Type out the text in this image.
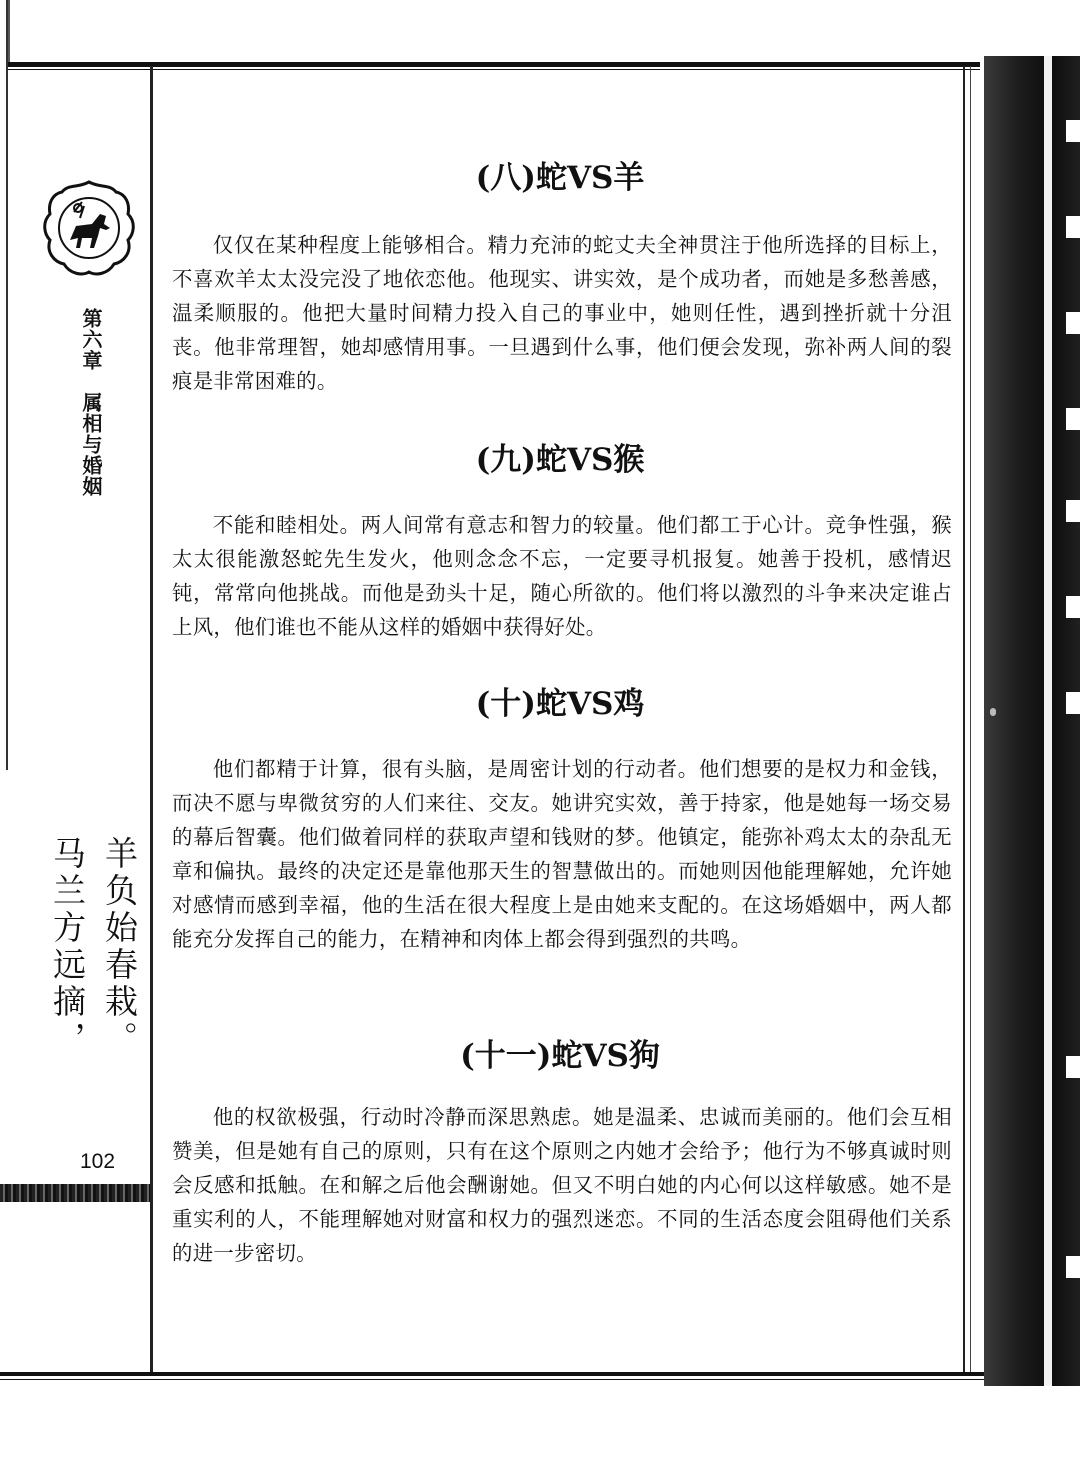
第六章　属相与婚姻
羊负始春栽。
马兰方远摘，
102
(八)蛇VS羊
仅仅在某种程度上能够相合。精力充沛的蛇丈夫全神贯注于他所选择的目标上，不喜欢羊太太没完没了地依恋他。他现实、讲实效，是个成功者，而她是多愁善感，温柔顺服的。他把大量时间精力投入自己的事业中，她则任性，遇到挫折就十分沮丧。他非常理智，她却感情用事。一旦遇到什么事，他们便会发现，弥补两人间的裂痕是非常困难的。
(九)蛇VS猴
不能和睦相处。两人间常有意志和智力的较量。他们都工于心计。竞争性强，猴太太很能激怒蛇先生发火，他则念念不忘，一定要寻机报复。她善于投机，感情迟钝，常常向他挑战。而他是劲头十足，随心所欲的。他们将以激烈的斗争来决定谁占上风，他们谁也不能从这样的婚姻中获得好处。
(十)蛇VS鸡
他们都精于计算，很有头脑，是周密计划的行动者。他们想要的是权力和金钱，而决不愿与卑微贫穷的人们来往、交友。她讲究实效，善于持家，他是她每一场交易的幕后智囊。他们做着同样的获取声望和钱财的梦。他镇定，能弥补鸡太太的杂乱无章和偏执。最终的决定还是靠他那天生的智慧做出的。而她则因他能理解她，允许她对感情而感到幸福，他的生活在很大程度上是由她来支配的。在这场婚姻中，两人都能充分发挥自己的能力，在精神和肉体上都会得到强烈的共鸣。
(十一)蛇VS狗
他的权欲极强，行动时冷静而深思熟虑。她是温柔、忠诚而美丽的。他们会互相赞美，但是她有自己的原则，只有在这个原则之内她才会给予；他行为不够真诚时则会反感和抵触。在和解之后他会酬谢她。但又不明白她的内心何以这样敏感。她不是重实利的人，不能理解她对财富和权力的强烈迷恋。不同的生活态度会阻碍他们关系的进一步密切。
